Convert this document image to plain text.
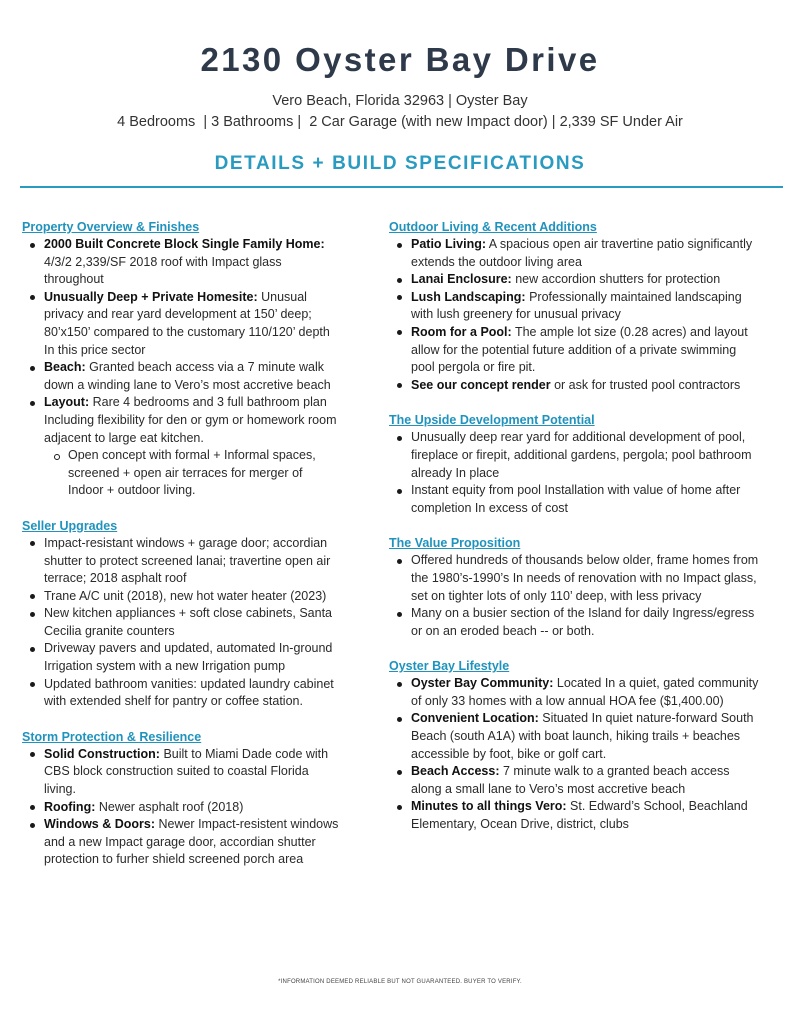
2130 Oyster Bay Drive
Vero Beach, Florida 32963 | Oyster Bay
4 Bedrooms  | 3 Bathrooms |  2 Car Garage (with new Impact door) | 2,339 SF Under Air
DETAILS + BUILD SPECIFICATIONS
Property Overview & Finishes
2000 Built Concrete Block Single Family Home: 4/3/2 2,339/SF 2018 roof with Impact glass throughout
Unusually Deep + Private Homesite: Unusual privacy and rear yard development at 150’ deep; 80’x150’ compared to the customary 110/120’ depth In this price sector
Beach: Granted beach access via a 7 minute walk down a winding lane to Vero’s most accretive beach
Layout: Rare 4 bedrooms and 3 full bathroom plan Including flexibility for den or gym or homework room adjacent to large eat kitchen.
Open concept with formal + Informal spaces, screened + open air terraces for merger of Indoor + outdoor living.
Seller Upgrades
Impact-resistant windows + garage door; accordian shutter to protect screened lanai; travertine open air terrace; 2018 asphalt roof
Trane A/C unit (2018), new hot water heater (2023)
New kitchen appliances + soft close cabinets, Santa Cecilia granite counters
Driveway pavers and updated, automated In-ground Irrigation system with a new Irrigation pump
Updated bathroom vanities: updated laundry cabinet with extended shelf for pantry or coffee station.
Storm Protection & Resilience
Solid Construction: Built to Miami Dade code with CBS block construction suited to coastal Florida living.
Roofing: Newer asphalt roof (2018)
Windows & Doors: Newer Impact-resistent windows and a new Impact garage door, accordian shutter protection to furher shield screened porch area
Outdoor Living & Recent Additions
Patio Living: A spacious open air travertine patio significantly extends the outdoor living area
Lanai Enclosure: new accordion shutters for protection
Lush Landscaping: Professionally maintained landscaping with lush greenery for unusual privacy
Room for a Pool: The ample lot size (0.28 acres) and layout allow for the potential future addition of a private swimming pool pergola or fire pit.
See our concept render or ask for trusted pool contractors
The Upside Development Potential
Unusually deep rear yard for additional development of pool, fireplace or firepit, additional gardens, pergola; pool bathroom already In place
Instant equity from pool Installation with value of home after completion In excess of cost
The Value Proposition
Offered hundreds of thousands below older, frame homes from the 1980’s-1990’s In needs of renovation with no Impact glass, set on tighter lots of only 110’ deep, with less privacy
Many on a busier section of the Island for daily Ingress/egress or on an eroded beach -- or both.
Oyster Bay Lifestyle
Oyster Bay Community: Located In a quiet, gated community of only 33 homes with a low annual HOA fee ($1,400.00)
Convenient Location: Situated In quiet nature-forward South Beach (south A1A) with boat launch, hiking trails + beaches accessible by foot, bike or golf cart.
Beach Access: 7 minute walk to a granted beach access along a small lane to Vero’s most accretive beach
Minutes to all things Vero: St. Edward’s School, Beachland Elementary, Ocean Drive, district, clubs
*INFORMATION DEEMED RELIABLE BUT NOT GUARANTEED. BUYER TO VERIFY.
